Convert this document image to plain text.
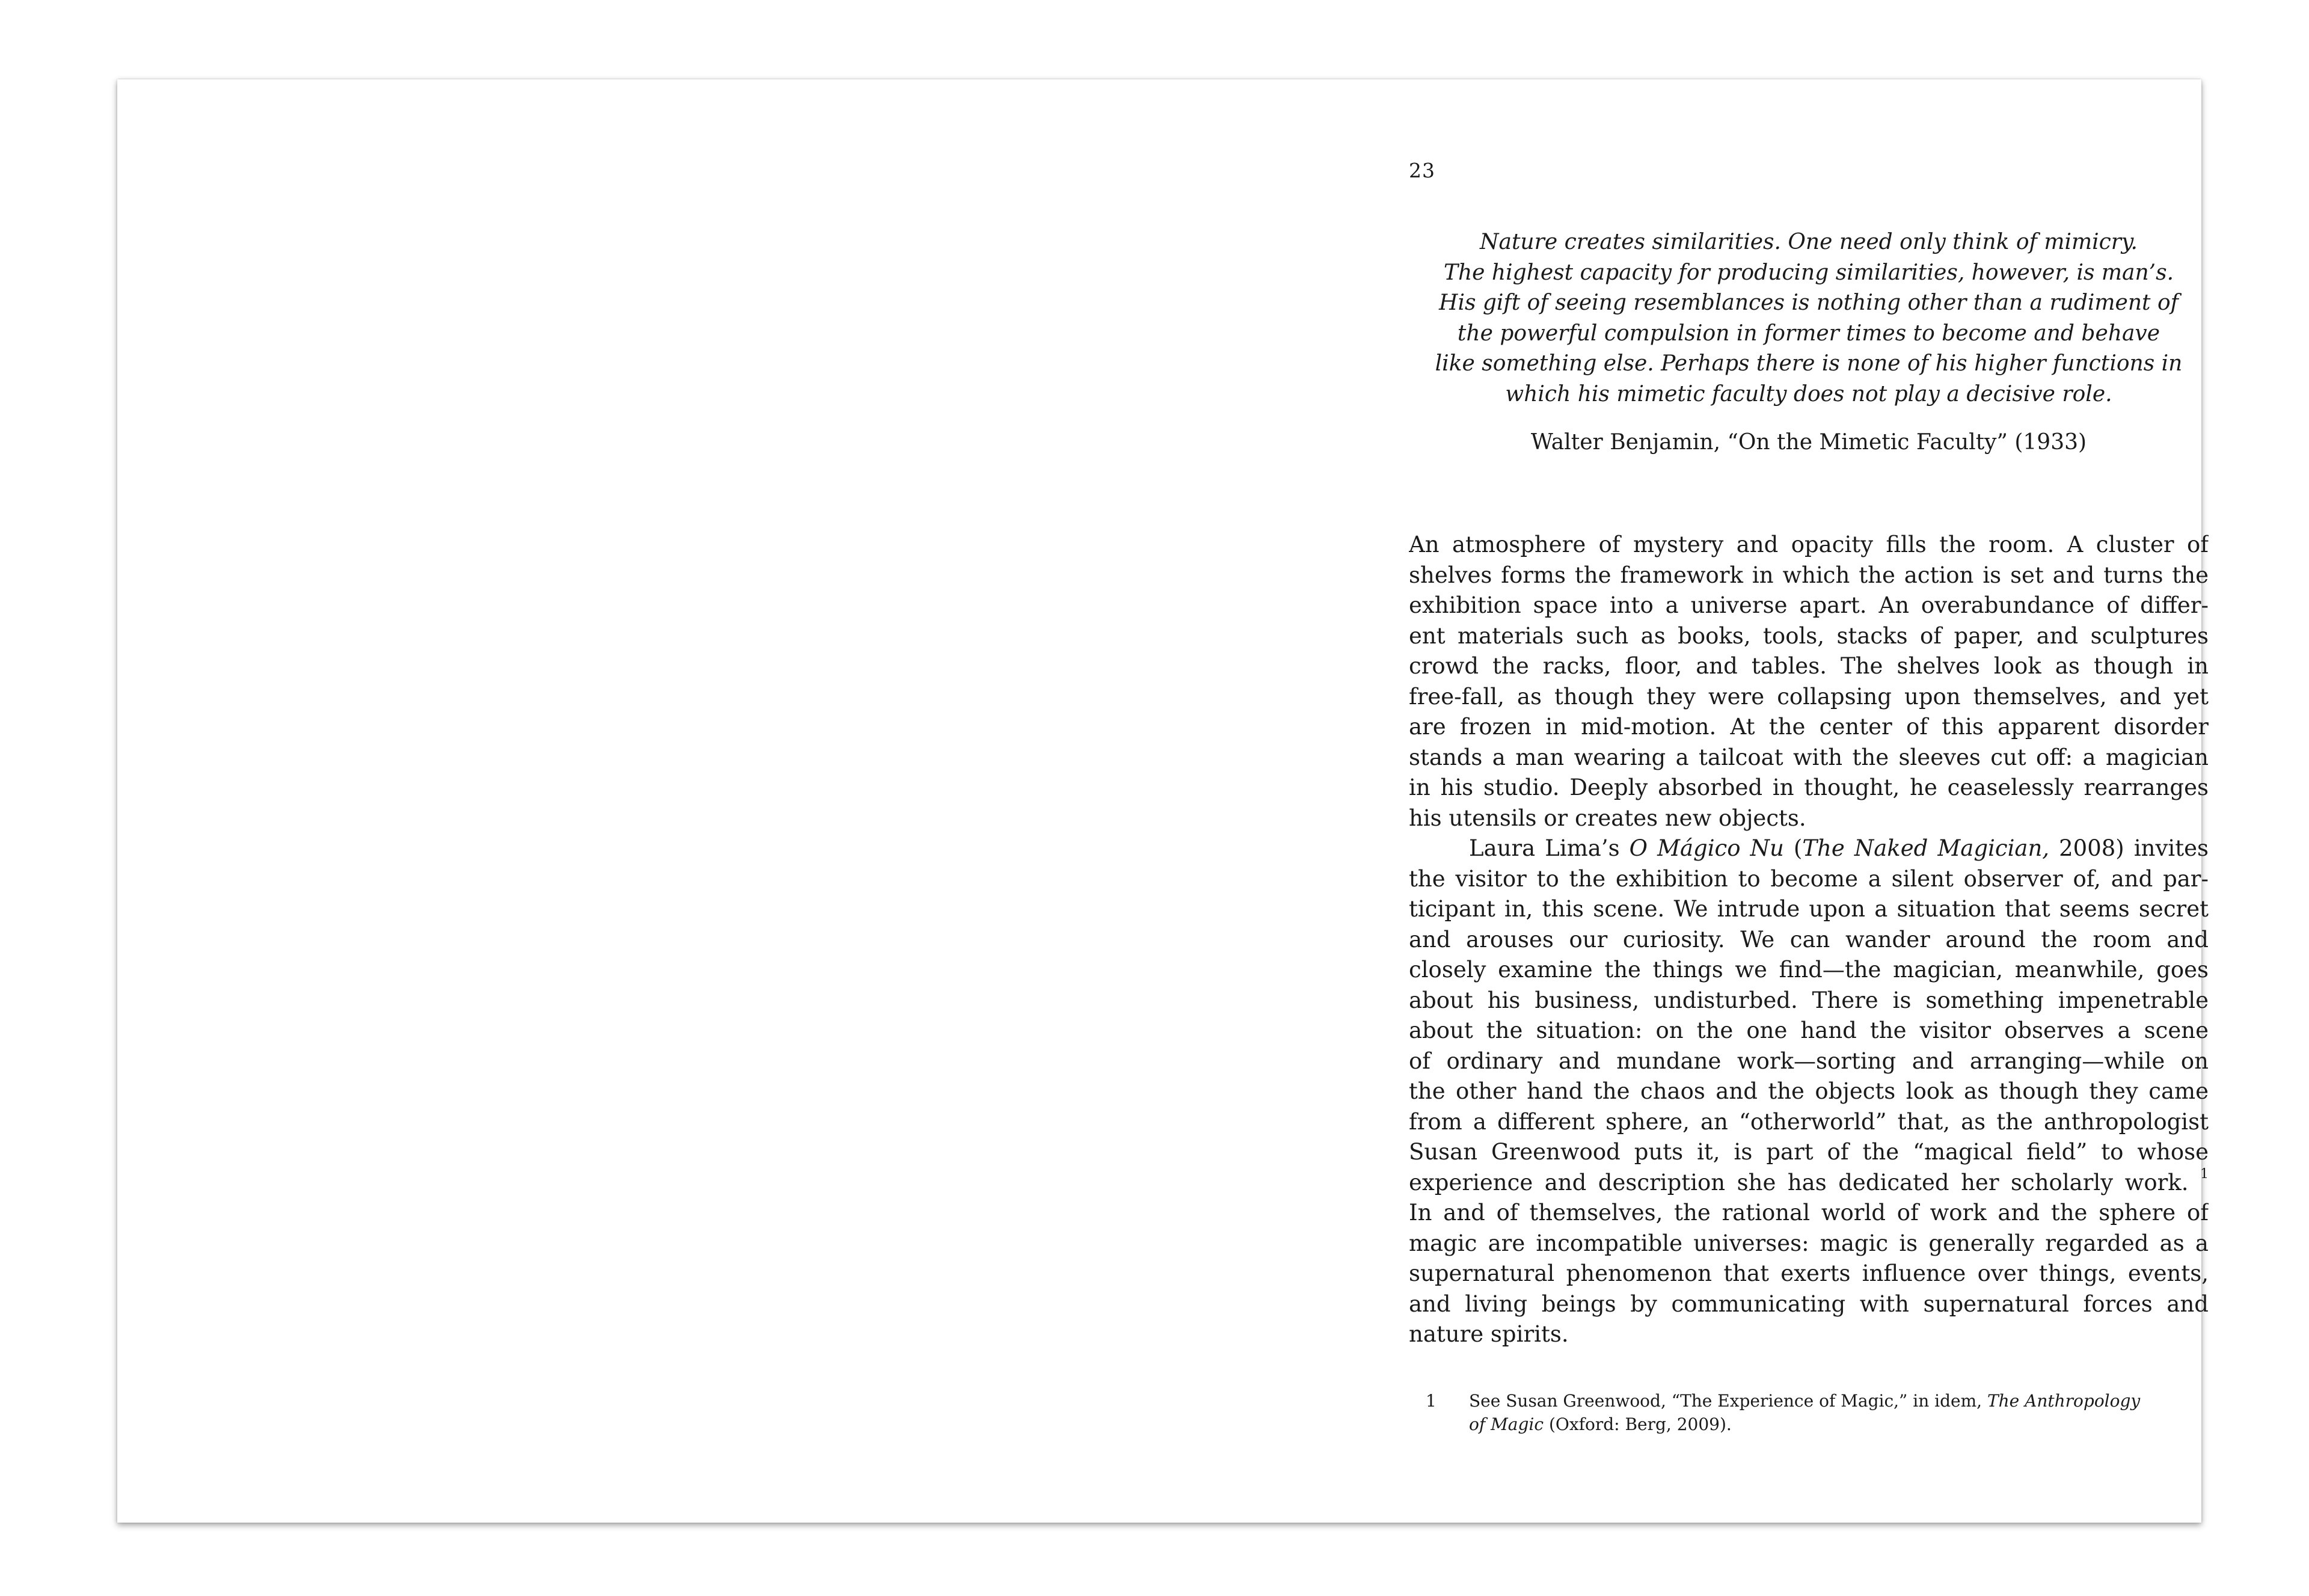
23

Nature creates similarities. One need only think of mimicry.
The highest capacity for producing similarities, however, is man’s.
His gift of seeing resemblances is nothing other than a rudiment of
the powerful compulsion in former times to become and behave
like something else. Perhaps there is none of his higher functions in
which his mimetic faculty does not play a decisive role.

Walter Benjamin, “On the Mimetic Faculty” (1933)

An atmosphere of mystery and opacity fills the room. A cluster of
shelves forms the framework in which the action is set and turns the
exhibition space into a universe apart. An overabundance of differ-
ent materials such as books, tools, stacks of paper, and sculptures
crowd the racks, floor, and tables. The shelves look as though in
free-fall, as though they were collapsing upon themselves, and yet
are frozen in mid-motion. At the center of this apparent disorder
stands a man wearing a tailcoat with the sleeves cut off: a magician
in his studio. Deeply absorbed in thought, he ceaselessly rearranges
his utensils or creates new objects.
Laura Lima’s O Mágico Nu (The Naked Magician, 2008) invites
the visitor to the exhibition to become a silent observer of, and par-
ticipant in, this scene. We intrude upon a situation that seems secret
and arouses our curiosity. We can wander around the room and
closely examine the things we find—the magician, meanwhile, goes
about his business, undisturbed. There is something impenetrable
about the situation: on the one hand the visitor observes a scene
of ordinary and mundane work—sorting and arranging—while on
the other hand the chaos and the objects look as though they came
from a different sphere, an “otherworld” that, as the anthropologist
Susan Greenwood puts it, is part of the “magical field” to whose
experience and description she has dedicated her scholarly work. $^1$
In and of themselves, the rational world of work and the sphere of
magic are incompatible universes: magic is generally regarded as a
supernatural phenomenon that exerts influence over things, events,
and living beings by communicating with supernatural forces and
nature spirits.
1 See Susan Greenwood, “The Experience of Magic,” in idem, The Anthropology
of Magic (Oxford: Berg, 2009).
